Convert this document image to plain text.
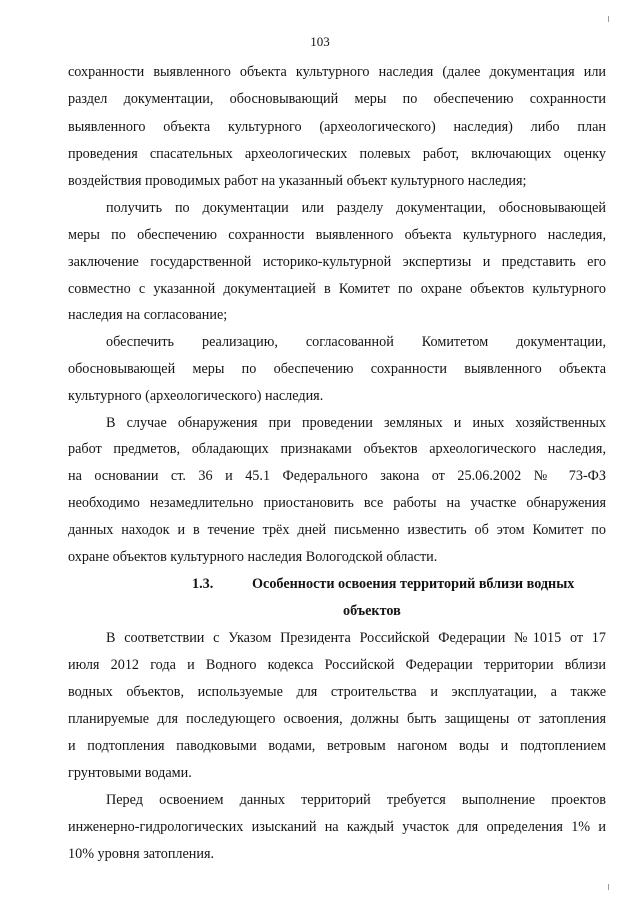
103
сохранности выявленного объекта культурного наследия (далее документация или
раздел документации, обосновывающий меры по обеспечению сохранности
выявленного объекта культурного (археологического) наследия) либо план
проведения спасательных археологических полевых работ, включающих оценку
воздействия проводимых работ на указанный объект культурного наследия;
получить по документации или разделу документации, обосновывающей
меры по обеспечению сохранности выявленного объекта культурного наследия,
заключение государственной историко-культурной экспертизы и представить его
совместно с указанной документацией в Комитет по охране объектов культурного
наследия на согласование;
обеспечить реализацию, согласованной Комитетом документации,
обосновывающей меры по обеспечению сохранности выявленного объекта
культурного (археологического) наследия.
В случае обнаружения при проведении земляных и иных хозяйственных
работ предметов, обладающих признаками объектов археологического наследия,
на основании ст. 36 и 45.1 Федерального закона от 25.06.2002 № 73-ФЗ
необходимо незамедлительно приостановить все работы на участке обнаружения
данных находок и в течение трёх дней письменно известить об этом Комитет по
охране объектов культурного наследия Вологодской области.
1.3.	Особенности освоения территорий вблизи водных
объектов
В соответствии с Указом Президента Российской Федерации №1015 от 17
июля 2012 года и Водного кодекса Российской Федерации территории вблизи
водных объектов, используемые для строительства и эксплуатации, а также
планируемые для последующего освоения, должны быть защищены от затопления
и подтопления паводковыми водами, ветровым нагоном воды и подтоплением
грунтовыми водами.
Перед освоением данных территорий требуется выполнение проектов
инженерно-гидрологических изысканий на каждый участок для определения 1% и
10% уровня затопления.
